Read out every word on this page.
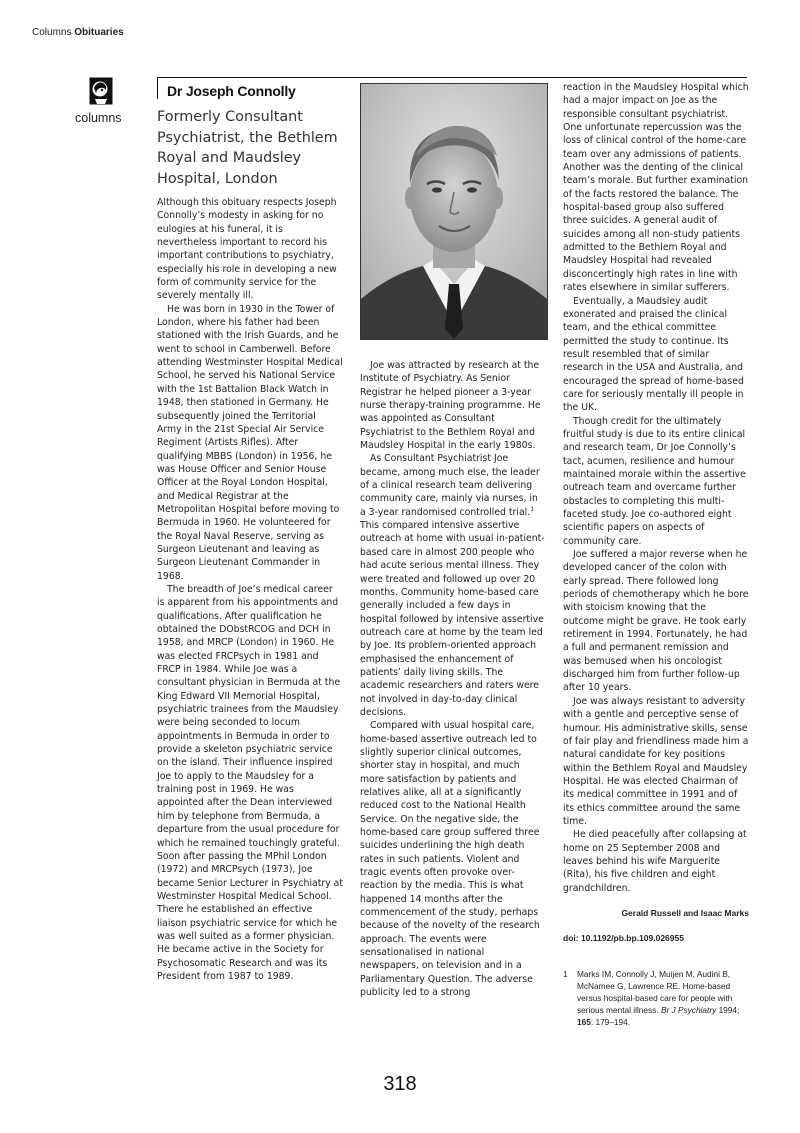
Columns Obituaries
columns
Dr Joseph Connolly
Formerly Consultant Psychiatrist, the Bethlem Royal and Maudsley Hospital, London

Although this obituary respects Joseph Connolly’s modesty in asking for no eulogies at his funeral, it is nevertheless important to record his important contributions to psychiatry, especially his role in developing a new form of community service for the severely mentally ill.

He was born in 1930 in the Tower of London, where his father had been stationed with the Irish Guards, and he went to school in Camberwell. Before attending Westminster Hospital Medical School, he served his National Service with the 1st Battalion Black Watch in 1948, then stationed in Germany. He subsequently joined the Territorial Army in the 21st Special Air Service Regiment (Artists Rifles). After qualifying MBBS (London) in 1956, he was House Officer and Senior House Officer at the Royal London Hospital, and Medical Registrar at the Metropolitan Hospital before moving to Bermuda in 1960. He volunteered for the Royal Naval Reserve, serving as Surgeon Lieutenant and leaving as Surgeon Lieutenant Commander in 1968.

The breadth of Joe’s medical career is apparent from his appointments and qualifications. After qualification he obtained the DObstRCOG and DCH in 1958, and MRCP (London) in 1960. He was elected FRCPsych in 1981 and FRCP in 1984. While Joe was a consultant physician in Bermuda at the King Edward VII Memorial Hospital, psychiatric trainees from the Maudsley were being seconded to locum appointments in Bermuda in order to provide a skeleton psychiatric service on the island. Their influence inspired Joe to apply to the Maudsley for a training post in 1969. He was appointed after the Dean interviewed him by telephone from Bermuda, a departure from the usual procedure for which he remained touchingly grateful. Soon after passing the MPhil London (1972) and MRCPsych (1973), Joe became Senior Lecturer in Psychiatry at Westminster Hospital Medical School. There he established an effective liaison psychiatric service for which he was well suited as a former physician. He became active in the Society for Psychosomatic Research and was its President from 1987 to 1989.

Joe was attracted by research at the Institute of Psychiatry. As Senior Registrar he helped pioneer a 3-year nurse therapy-training programme. He was appointed as Consultant Psychiatrist to the Bethlem Royal and Maudsley Hospital in the early 1980s.

As Consultant Psychiatrist Joe became, among much else, the leader of a clinical research team delivering community care, mainly via nurses, in a 3-year randomised controlled trial.$^1$ This compared intensive assertive outreach at home with usual in-patient-based care in almost 200 people who had acute serious mental illness. They were treated and followed up over 20 months. Community home-based care generally included a few days in hospital followed by intensive assertive outreach care at home by the team led by Joe. Its problem-oriented approach emphasised the enhancement of patients’ daily living skills. The academic researchers and raters were not involved in day-to-day clinical decisions.

Compared with usual hospital care, home-based assertive outreach led to slightly superior clinical outcomes, shorter stay in hospital, and much more satisfaction by patients and relatives alike, all at a significantly reduced cost to the National Health Service. On the negative side, the home-based care group suffered three suicides underlining the high death rates in such patients. Violent and tragic events often provoke over-reaction by the media. This is what happened 14 months after the commencement of the study, perhaps because of the novelty of the research approach. The events were sensationalised in national newspapers, on television and in a Parliamentary Question. The adverse publicity led to a strong

reaction in the Maudsley Hospital which had a major impact on Joe as the responsible consultant psychiatrist. One unfortunate repercussion was the loss of clinical control of the home-care team over any admissions of patients. Another was the denting of the clinical team’s morale. But further examination of the facts restored the balance. The hospital-based group also suffered three suicides. A general audit of suicides among all non-study patients admitted to the Bethlem Royal and Maudsley Hospital had revealed disconcertingly high rates in line with rates elsewhere in similar sufferers.

Eventually, a Maudsley audit exonerated and praised the clinical team, and the ethical committee permitted the study to continue. Its result resembled that of similar research in the USA and Australia, and encouraged the spread of home-based care for seriously mentally ill people in the UK.

Though credit for the ultimately fruitful study is due to its entire clinical and research team, Dr Joe Connolly’s tact, acumen, resilience and humour maintained morale within the assertive outreach team and overcame further obstacles to completing this multi-faceted study. Joe co-authored eight scientific papers on aspects of community care.

Joe suffered a major reverse when he developed cancer of the colon with early spread. There followed long periods of chemotherapy which he bore with stoicism knowing that the outcome might be grave. He took early retirement in 1994. Fortunately, he had a full and permanent remission and was bemused when his oncologist discharged him from further follow-up after 10 years.

Joe was always resistant to adversity with a gentle and perceptive sense of humour. His administrative skills, sense of fair play and friendliness made him a natural candidate for key positions within the Bethlem Royal and Maudsley Hospital. He was elected Chairman of its medical committee in 1991 and of its ethics committee around the same time.

He died peacefully after collapsing at home on 25 September 2008 and leaves behind his wife Marguerite (Rita), his five children and eight grandchildren.

Gerald Russell and Isaac Marks

doi: 10.1192/pb.bp.109.026955

1	Marks IM, Connolly J, Muijen M, Audini B, McNamee G, Lawrence RE. Home-based versus hospital-based care for people with serious mental illness. Br J Psychiatry 1994; 165: 179–194.
318
